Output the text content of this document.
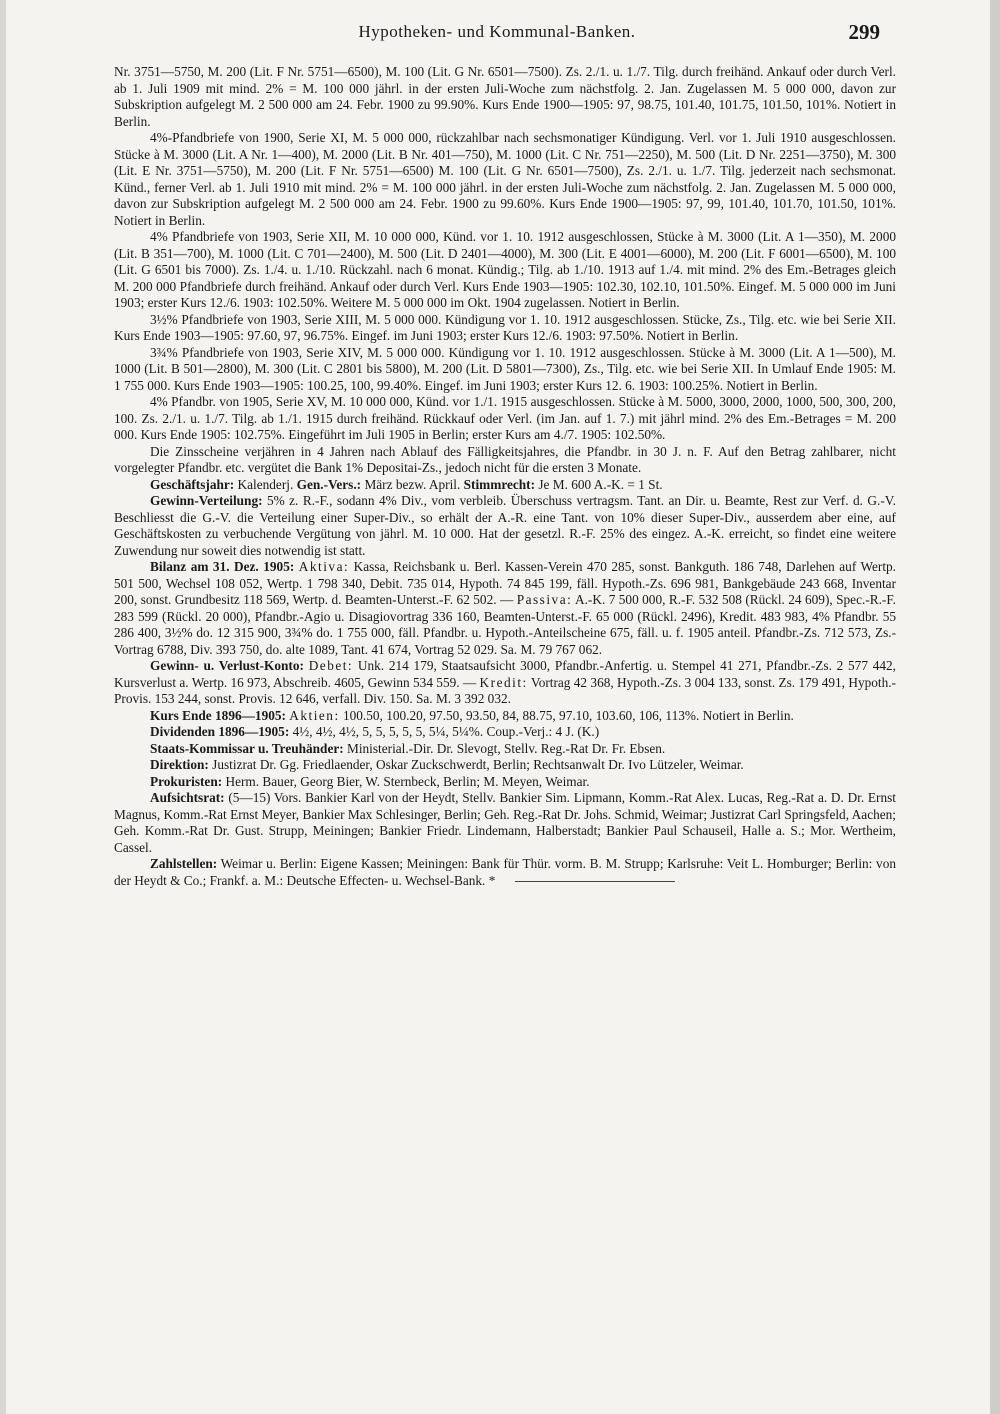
Hypotheken- und Kommunal-Banken.	299

Nr. 3751—5750, M. 200 (Lit. F Nr. 5751—6500), M. 100 (Lit. G Nr. 6501—7500). Zs. 2./1. u. 1./7. Tilg. durch freihänd. Ankauf oder durch Verl. ab 1. Juli 1909 mit mind. 2% = M. 100 000 jährl. in der ersten Juli-Woche zum nächstfolg. 2. Jan. Zugelassen M. 5 000 000, davon zur Subskription aufgelegt M. 2 500 000 am 24. Febr. 1900 zu 99.90%. Kurs Ende 1900—1905: 97, 98.75, 101.40, 101.75, 101.50, 101%. Notiert in Berlin.

4%-Pfandbriefe von 1900, Serie XI, M. 5 000 000, rückzahlbar nach sechsmonatiger Kündigung. Verl. vor 1. Juli 1910 ausgeschlossen. Stücke à M. 3000 (Lit. A Nr. 1—400), M. 2000 (Lit. B Nr. 401—750), M. 1000 (Lit. C Nr. 751—2250), M. 500 (Lit. D Nr. 2251—3750), M. 300 (Lit. E Nr. 3751—5750), M. 200 (Lit. F Nr. 5751—6500) M. 100 (Lit. G Nr. 6501—7500), Zs. 2./1. u. 1./7. Tilg. jederzeit nach sechsmonat. Künd., ferner Verl. ab 1. Juli 1910 mit mind. 2% = M. 100 000 jährl. in der ersten Juli-Woche zum nächstfolg. 2. Jan. Zugelassen M. 5 000 000, davon zur Subskription aufgelegt M. 2 500 000 am 24. Febr. 1900 zu 99.60%. Kurs Ende 1900—1905: 97, 99, 101.40, 101.70, 101.50, 101%. Notiert in Berlin.

4% Pfandbriefe von 1903, Serie XII, M. 10 000 000, Künd. vor 1. 10. 1912 ausgeschlossen, Stücke à M. 3000 (Lit. A 1—350), M. 2000 (Lit. B 351—700), M. 1000 (Lit. C 701—2400), M. 500 (Lit. D 2401—4000), M. 300 (Lit. E 4001—6000), M. 200 (Lit. F 6001—6500), M. 100 (Lit. G 6501 bis 7000). Zs. 1./4. u. 1./10. Rückzahl. nach 6 monat. Kündig.; Tilg. ab 1./10. 1913 auf 1./4. mit mind. 2% des Em.-Betrages gleich M. 200 000 Pfandbriefe durch freihänd. Ankauf oder durch Verl. Kurs Ende 1903—1905: 102.30, 102.10, 101.50%. Eingef. M. 5 000 000 im Juni 1903; erster Kurs 12./6. 1903: 102.50%. Weitere M. 5 000 000 im Okt. 1904 zugelassen. Notiert in Berlin.

3½% Pfandbriefe von 1903, Serie XIII, M. 5 000 000. Kündigung vor 1. 10. 1912 ausgeschlossen. Stücke, Zs., Tilg. etc. wie bei Serie XII. Kurs Ende 1903—1905: 97.60, 97, 96.75%. Eingef. im Juni 1903; erster Kurs 12./6. 1903: 97.50%. Notiert in Berlin.

3¾% Pfandbriefe von 1903, Serie XIV, M. 5 000 000. Kündigung vor 1. 10. 1912 ausgeschlossen. Stücke à M. 3000 (Lit. A 1—500), M. 1000 (Lit. B 501—2800), M. 300 (Lit. C 2801 bis 5800), M. 200 (Lit. D 5801—7300), Zs., Tilg. etc. wie bei Serie XII. In Umlauf Ende 1905: M. 1 755 000. Kurs Ende 1903—1905: 100.25, 100, 99.40%. Eingef. im Juni 1903; erster Kurs 12. 6. 1903: 100.25%. Notiert in Berlin.

4% Pfandbr. von 1905, Serie XV, M. 10 000 000, Künd. vor 1./1. 1915 ausgeschlossen. Stücke à M. 5000, 3000, 2000, 1000, 500, 300, 200, 100. Zs. 2./1. u. 1./7. Tilg. ab 1./1. 1915 durch freihänd. Rückkauf oder Verl. (im Jan. auf 1. 7.) mit jährl mind. 2% des Em.-Betrages = M. 200 000. Kurs Ende 1905: 102.75%. Eingeführt im Juli 1905 in Berlin; erster Kurs am 4./7. 1905: 102.50%.

Die Zinsscheine verjähren in 4 Jahren nach Ablauf des Fälligkeitsjahres, die Pfandbr. in 30 J. n. F. Auf den Betrag zahlbarer, nicht vorgelegter Pfandbr. etc. vergütet die Bank 1% Depositai-Zs., jedoch nicht für die ersten 3 Monate.

Geschäftsjahr: Kalenderj. Gen.-Vers.: März bezw. April. Stimmrecht: Je M. 600 A.-K. = 1 St.

Gewinn-Verteilung: 5% z. R.-F., sodann 4% Div., vom verbleib. Überschuss vertragsm. Tant. an Dir. u. Beamte, Rest zur Verf. d. G.-V. Beschliesst die G.-V. die Verteilung einer Super-Div., so erhält der A.-R. eine Tant. von 10% dieser Super-Div., ausserdem aber eine, auf Geschäftskosten zu verbuchende Vergütung von jährl. M. 10 000. Hat der gesetzl. R.-F. 25% des eingez. A.-K. erreicht, so findet eine weitere Zuwendung nur soweit dies notwendig ist statt.

Bilanz am 31. Dez. 1905: Aktiva: Kassa, Reichsbank u. Berl. Kassen-Verein 470 285, sonst. Bankguth. 186 748, Darlehen auf Wertp. 501 500, Wechsel 108 052, Wertp. 1 798 340, Debit. 735 014, Hypoth. 74 845 199, fäll. Hypoth.-Zs. 696 981, Bankgebäude 243 668, Inventar 200, sonst. Grundbesitz 118 569, Wertp. d. Beamten-Unterst.-F. 62 502. — Passiva: A.-K. 7 500 000, R.-F. 532 508 (Rückl. 24 609), Spec.-R.-F. 283 599 (Rückl. 20 000), Pfandbr.-Agio u. Disagiovortrag 336 160, Beamten-Unterst.-F. 65 000 (Rückl. 2496), Kredit. 483 983, 4% Pfandbr. 55 286 400, 3½% do. 12 315 900, 3¾% do. 1 755 000, fäll. Pfandbr. u. Hypoth.-Anteilscheine 675, fäll. u. f. 1905 anteil. Pfandbr.-Zs. 712 573, Zs.-Vortrag 6788, Div. 393 750, do. alte 1089, Tant. 41 674, Vortrag 52 029. Sa. M. 79 767 062.

Gewinn- u. Verlust-Konto: Debet: Unk. 214 179, Staatsaufsicht 3000, Pfandbr.-Anfertig. u. Stempel 41 271, Pfandbr.-Zs. 2 577 442, Kursverlust a. Wertp. 16 973, Abschreib. 4605, Gewinn 534 559. — Kredit: Vortrag 42 368, Hypoth.-Zs. 3 004 133, sonst. Zs. 179 491, Hypoth.-Provis. 153 244, sonst. Provis. 12 646, verfall. Div. 150. Sa. M. 3 392 032.

Kurs Ende 1896—1905: Aktien: 100.50, 100.20, 97.50, 93.50, 84, 88.75, 97.10, 103.60, 106, 113%. Notiert in Berlin.

Dividenden 1896—1905: 4½, 4½, 4½, 5, 5, 5, 5, 5, 5¼, 5¼%. Coup.-Verj.: 4 J. (K.)

Staats-Kommissar u. Treuhänder: Ministerial.-Dir. Dr. Slevogt, Stellv. Reg.-Rat Dr. Fr. Ebsen.

Direktion: Justizrat Dr. Gg. Friedlaender, Oskar Zuckschwerdt, Berlin; Rechtsanwalt Dr. Ivo Lützeler, Weimar.

Prokuristen: Herm. Bauer, Georg Bier, W. Sternbeck, Berlin; M. Meyen, Weimar.

Aufsichtsrat: (5—15) Vors. Bankier Karl von der Heydt, Stellv. Bankier Sim. Lipmann, Komm.-Rat Alex. Lucas, Reg.-Rat a. D. Dr. Ernst Magnus, Komm.-Rat Ernst Meyer, Bankier Max Schlesinger, Berlin; Geh. Reg.-Rat Dr. Johs. Schmid, Weimar; Justizrat Carl Springsfeld, Aachen; Geh. Komm.-Rat Dr. Gust. Strupp, Meiningen; Bankier Friedr. Lindemann, Halberstadt; Bankier Paul Schauseil, Halle a. S.; Mor. Wertheim, Cassel.

Zahlstellen: Weimar u. Berlin: Eigene Kassen; Meiningen: Bank für Thür. vorm. B. M. Strupp; Karlsruhe: Veit L. Homburger; Berlin: von der Heydt & Co.; Frankf. a. M.: Deutsche Effecten- u. Wechsel-Bank. *
